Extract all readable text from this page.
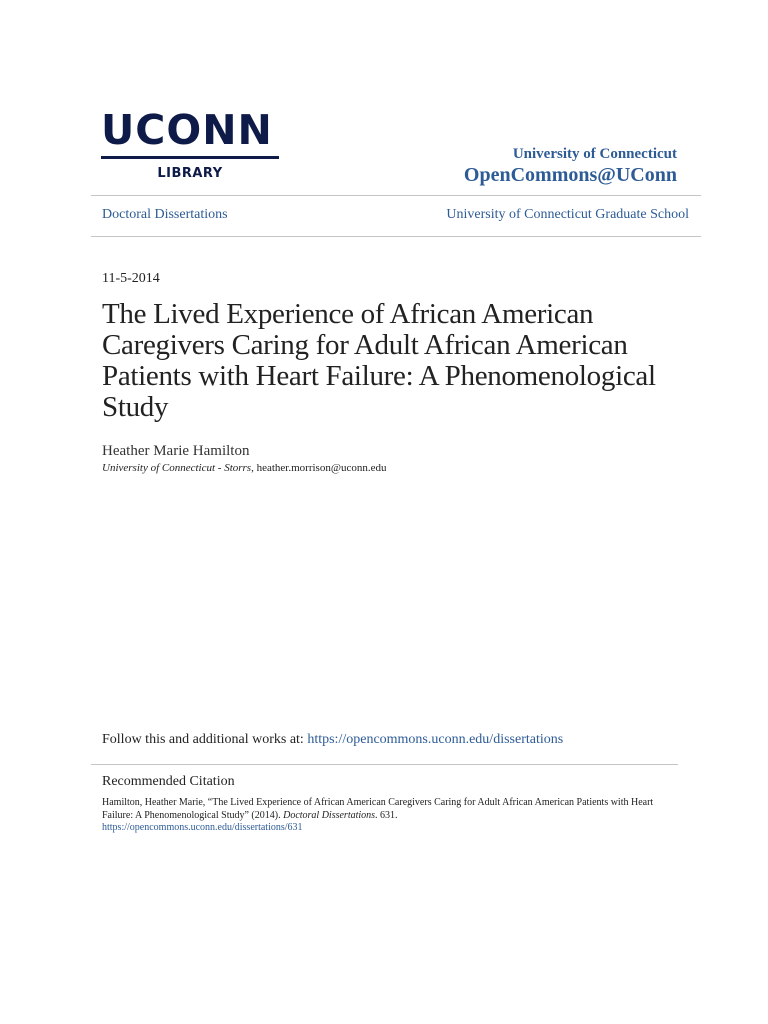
UCONN
LIBRARY
University of Connecticut
OpenCommons@UConn
Doctoral Dissertations	University of Connecticut Graduate School
11-5-2014
The Lived Experience of African American Caregivers Caring for Adult African American Patients with Heart Failure: A Phenomenological Study
Heather Marie Hamilton
University of Connecticut - Storrs, heather.morrison@uconn.edu
Follow this and additional works at: https://opencommons.uconn.edu/dissertations
Recommended Citation
Hamilton, Heather Marie, “The Lived Experience of African American Caregivers Caring for Adult African American Patients with Heart Failure: A Phenomenological Study” (2014). Doctoral Dissertations. 631.
https://opencommons.uconn.edu/dissertations/631
